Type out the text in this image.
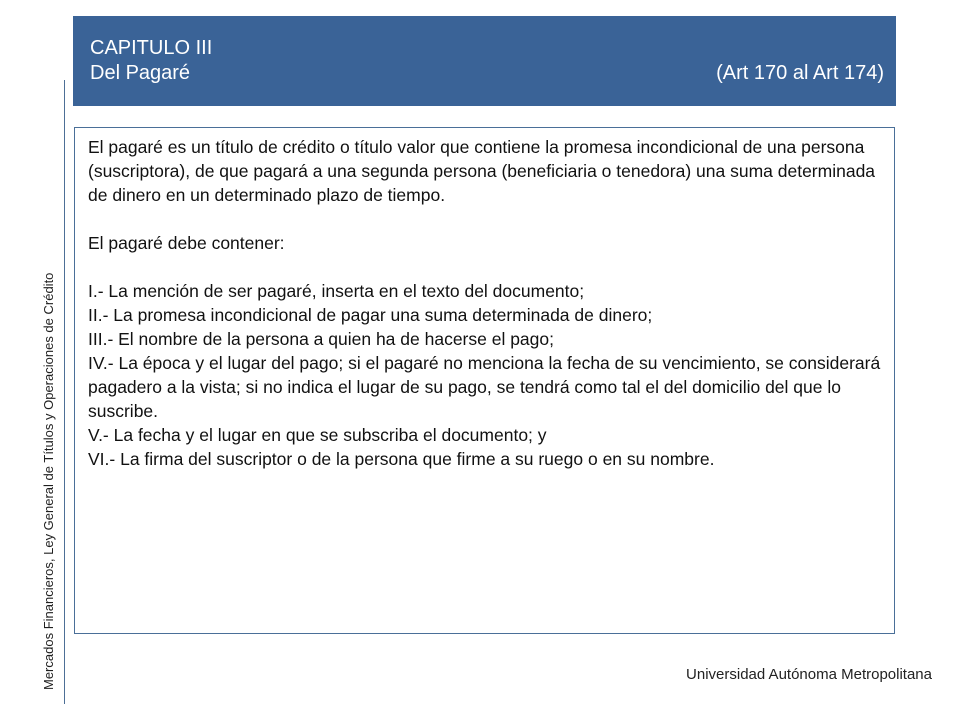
CAPITULO III
Del Pagaré	(Art 170 al Art 174)
Mercados Financieros, Ley General de Títulos y Operaciones de Crédito

El pagaré es un título de crédito o título valor que contiene la promesa incondicional de una persona (suscriptora), de que pagará a una segunda persona (beneficiaria o tenedora) una suma determinada de dinero en un determinado plazo de tiempo.

El pagaré debe contener:

I.- La mención de ser pagaré, inserta en el texto del documento;

II.- La promesa incondicional de pagar una suma determinada de dinero;

III.- El nombre de la persona a quien ha de hacerse el pago;

IV.- La época y el lugar del pago; si el pagaré no menciona la fecha de su vencimiento, se considerará pagadero a la vista; si no indica el lugar de su pago, se tendrá como tal el del domicilio del que lo suscribe.

V.- La fecha y el lugar en que se subscriba el documento; y

VI.- La firma del suscriptor o de la persona que firme a su ruego o en su nombre.

Universidad Autónoma Metropolitana
